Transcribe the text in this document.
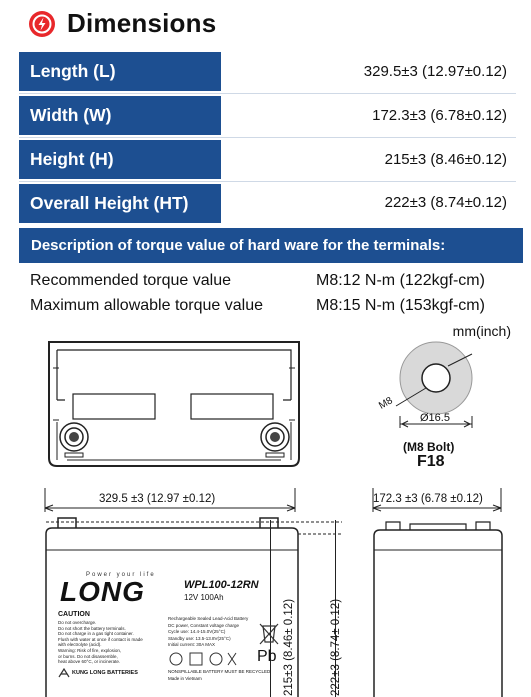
Dimensions
Length (L)	329.5±3 (12.97±0.12)
Width (W)	172.3±3 (6.78±0.12)
Height (H)	215±3 (8.46±0.12)
Overall Height (HT)	222±3 (8.74±0.12)
Description of torque value of hard ware for the terminals:
Recommended torque value	M8:12 N-m (122kgf-cm)
Maximum allowable torque value	M8:15 N-m (153kgf-cm)
mm(inch)
M8
Ø16.5
(M8 Bolt)
F18
329.5 ±3 (12.97 ±0.12)
215±3 (8.46± 0.12)	222±3 (8.74± 0.12)
Power your life
LONG	WPL100-12RN
12V 100Ah
CAUTION
Do not overcharge.
Do not short the battery terminals.
Do not charge in a gas tight container.
Flush with water at once if contact is made
with electrolyte (acid).
Warning: Risk of fire, explosion,
or burns. Do not disassemble,
heat above 60°C, or incinerate.
Rechargeable Sealed Lead-Acid Battery
DC power, Constant voltage charge
Cycle use: 14.4-15.0V(25°C)
Standby use: 13.5-13.8V(25°C)
Initial current: 30A MAX
Pb
NONSPILLABLE BATTERY MUST BE RECYCLED
Made in Vietnam
KUNG LONG BATTERIES
172.3 ±3 (6.78 ±0.12)
